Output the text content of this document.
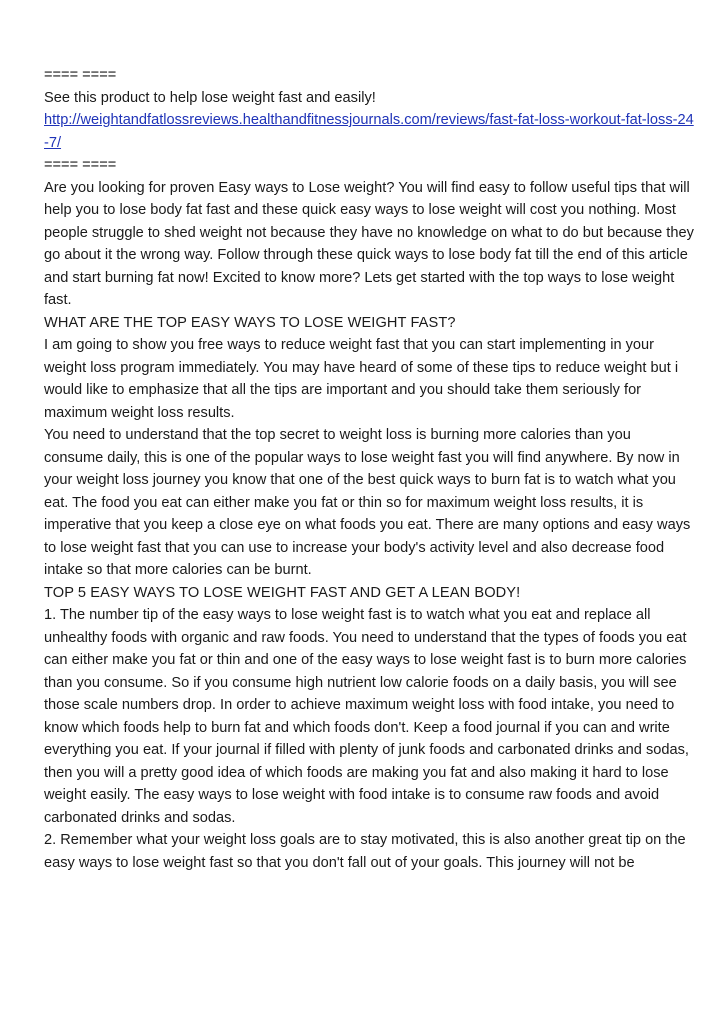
==== ====

See this product to help lose weight fast and easily!

http://weightandfatlossreviews.healthandfitnessjournals.com/reviews/fast-fat-loss-workout-fat-loss-24-7/

==== ====

Are you looking for proven Easy ways to Lose weight? You will find easy to follow useful tips that will help you to lose body fat fast and these quick easy ways to lose weight will cost you nothing. Most people struggle to shed weight not because they have no knowledge on what to do but because they go about it the wrong way. Follow through these quick ways to lose body fat till the end of this article and start burning fat now! Excited to know more? Lets get started with the top ways to lose weight fast.

WHAT ARE THE TOP EASY WAYS TO LOSE WEIGHT FAST?

I am going to show you free ways to reduce weight fast that you can start implementing in your weight loss program immediately. You may have heard of some of these tips to reduce weight but i would like to emphasize that all the tips are important and you should take them seriously for maximum weight loss results.

You need to understand that the top secret to weight loss is burning more calories than you consume daily, this is one of the popular ways to lose weight fast you will find anywhere. By now in your weight loss journey you know that one of the best quick ways to burn fat is to watch what you eat. The food you eat can either make you fat or thin so for maximum weight loss results, it is imperative that you keep a close eye on what foods you eat. There are many options and easy ways to lose weight fast that you can use to increase your body's activity level and also decrease food intake so that more calories can be burnt.

TOP 5 EASY WAYS TO LOSE WEIGHT FAST AND GET A LEAN BODY!

1. The number tip of the easy ways to lose weight fast is to watch what you eat and replace all unhealthy foods with organic and raw foods. You need to understand that the types of foods you eat can either make you fat or thin and one of the easy ways to lose weight fast is to burn more calories than you consume. So if you consume high nutrient low calorie foods on a daily basis, you will see those scale numbers drop. In order to achieve maximum weight loss with food intake, you need to know which foods help to burn fat and which foods don't. Keep a food journal if you can and write everything you eat. If your journal if filled with plenty of junk foods and carbonated drinks and sodas, then you will a pretty good idea of which foods are making you fat and also making it hard to lose weight easily. The easy ways to lose weight with food intake is to consume raw foods and avoid carbonated drinks and sodas.

2. Remember what your weight loss goals are to stay motivated, this is also another great tip on the easy ways to lose weight fast so that you don't fall out of your goals. This journey will not be
